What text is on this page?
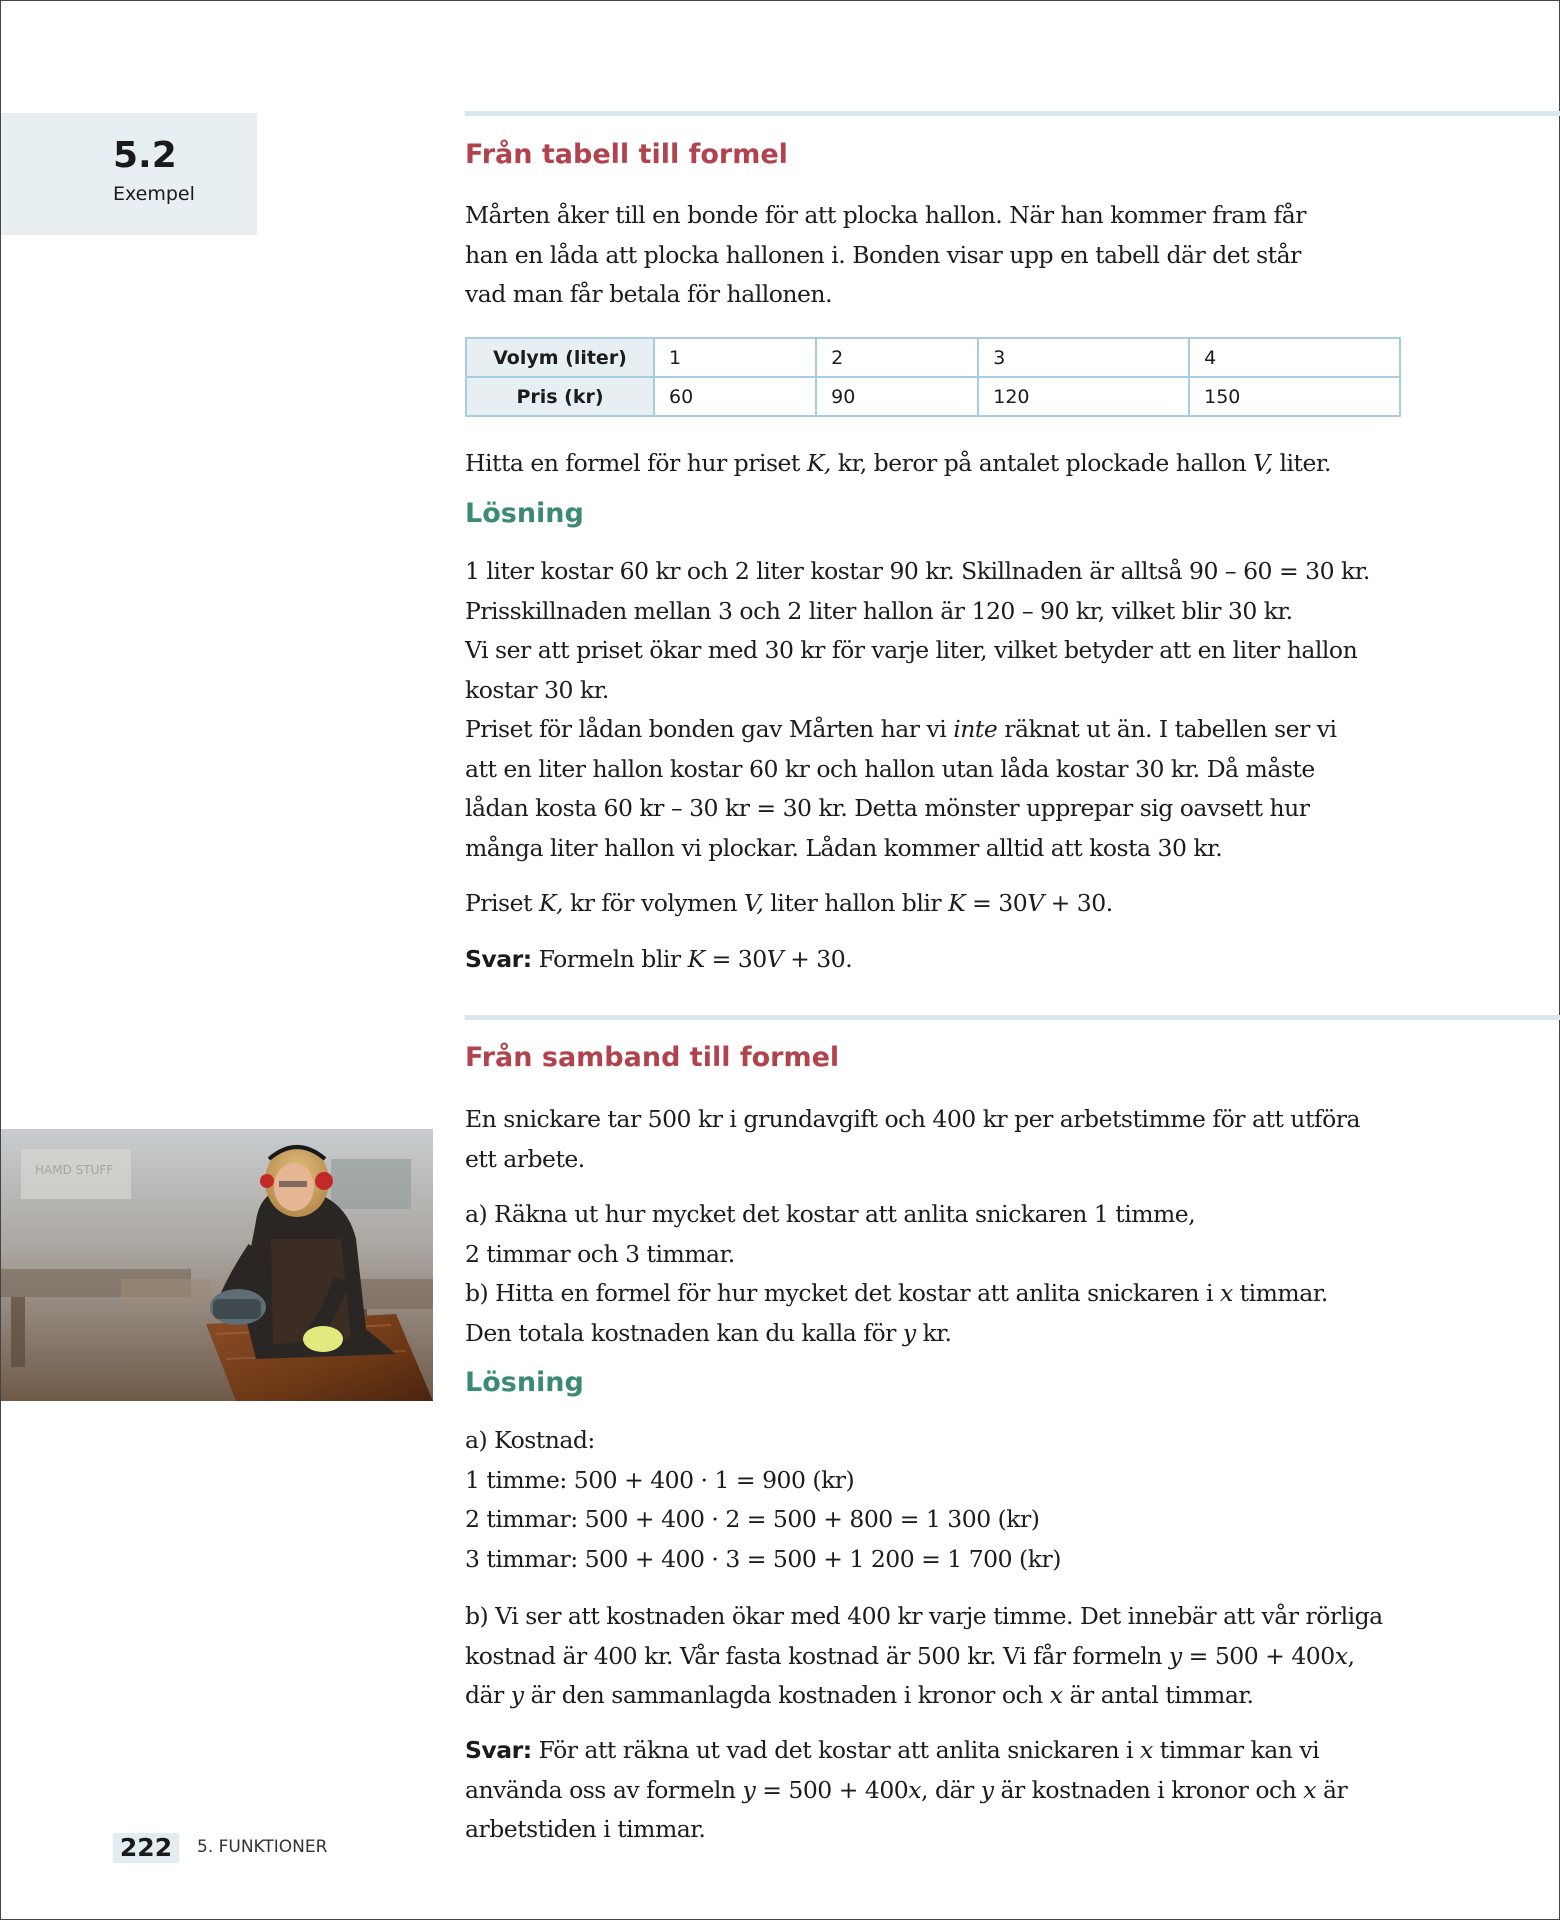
5.2
Exempel
Från tabell till formel

Mårten åker till en bonde för att plocka hallon. När han kommer fram får

han en låda att plocka hallonen i. Bonden visar upp en tabell där det står

vad man får betala för hallonen.

Volym (liter)	1	2	3	4
Pris (kr)	60	90	120	150

Hitta en formel för hur priset K, kr, beror på antalet plockade hallon V, liter.

Lösning

1 liter kostar 60 kr och 2 liter kostar 90 kr. Skillnaden är alltså 90 – 60 = 30 kr.

Prisskillnaden mellan 3 och 2 liter hallon är 120 – 90 kr, vilket blir 30 kr.

Vi ser att priset ökar med 30 kr för varje liter, vilket betyder att en liter hallon

kostar 30 kr.

Priset för lådan bonden gav Mårten har vi inte räknat ut än. I tabellen ser vi

att en liter hallon kostar 60 kr och hallon utan låda kostar 30 kr. Då måste

lådan kosta 60 kr – 30 kr = 30 kr. Detta mönster upprepar sig oavsett hur

många liter hallon vi plockar. Lådan kommer alltid att kosta 30 kr.

Priset K, kr för volymen V, liter hallon blir K = 30V + 30.

Svar: Formeln blir K = 30V + 30.

Från samband till formel

En snickare tar 500 kr i grundavgift och 400 kr per arbetstimme för att utföra

ett arbete.

a) Räkna ut hur mycket det kostar att anlita snickaren 1 timme,

2 timmar och 3 timmar.

b) Hitta en formel för hur mycket det kostar att anlita snickaren i x timmar.

Den totala kostnaden kan du kalla för y kr.

Lösning

a) Kostnad:

1 timme: 500 + 400 · 1 = 900 (kr)

2 timmar: 500 + 400 · 2 = 500 + 800 = 1 300 (kr)

3 timmar: 500 + 400 · 3 = 500 + 1 200 = 1 700 (kr)

b) Vi ser att kostnaden ökar med 400 kr varje timme. Det innebär att vår rörliga

kostnad är 400 kr. Vår fasta kostnad är 500 kr. Vi får formeln y = 500 + 400x,

där y är den sammanlagda kostnaden i kronor och x är antal timmar.

Svar: För att räkna ut vad det kostar att anlita snickaren i x timmar kan vi

använda oss av formeln y = 500 + 400x, där y är kostnaden i kronor och x är

arbetstiden i timmar.

HAMD STUFF
222	5. FUNKTIONER
